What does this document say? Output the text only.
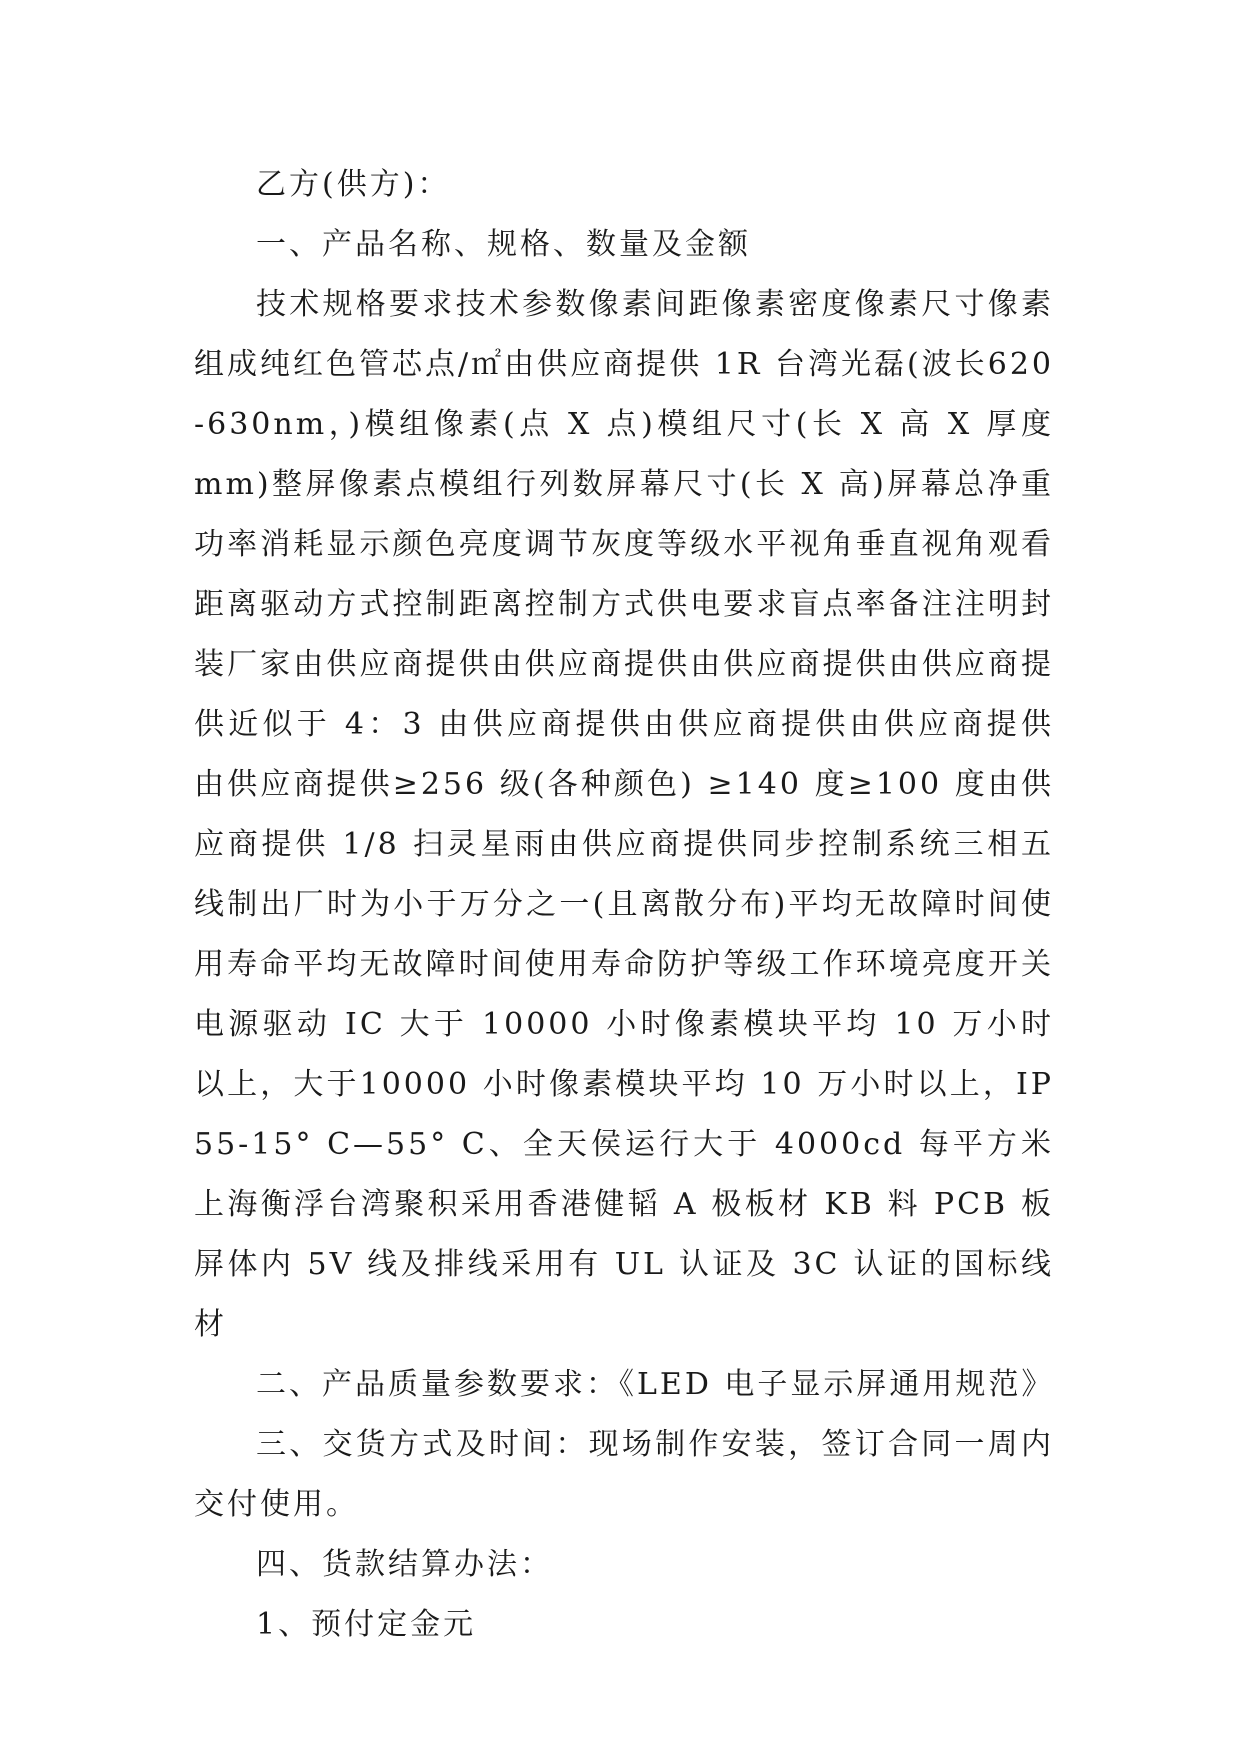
乙方(供方)：

一、产品名称、规格、数量及金额

技术规格要求技术参数像素间距像素密度像素尺寸像素组成纯红色管芯点/㎡由供应商提供 1R 台湾光磊(波长620-630nm，)模组像素(点 X 点)模组尺寸(长 X 高 X 厚度 mm)整屏像素点模组行列数屏幕尺寸(长 X 高)屏幕总净重功率消耗显示颜色亮度调节灰度等级水平视角垂直视角观看距离驱动方式控制距离控制方式供电要求盲点率备注注明封装厂家由供应商提供由供应商提供由供应商提供由供应商提供近似于 4：3 由供应商提供由供应商提供由供应商提供由供应商提供≥256 级(各种颜色) ≥140 度≥100 度由供应商提供 1/8 扫灵星雨由供应商提供同步控制系统三相五线制出厂时为小于万分之一(且离散分布)平均无故障时间使用寿命平均无故障时间使用寿命防护等级工作环境亮度开关电源驱动 IC 大于 10000 小时像素模块平均 10 万小时以上，大于10000 小时像素模块平均 10 万小时以上，IP55-15° C—55° C、全天侯运行大于 4000cd 每平方米上海衡浮台湾聚积采用香港健韬 A 极板材 KB 料 PCB 板屏体内 5V 线及排线采用有 UL 认证及 3C 认证的国标线材

二、产品质量参数要求：《LED 电子显示屏通用规范》

三、交货方式及时间：现场制作安装，签订合同一周内交付使用。

四、货款结算办法：

1、预付定金元
